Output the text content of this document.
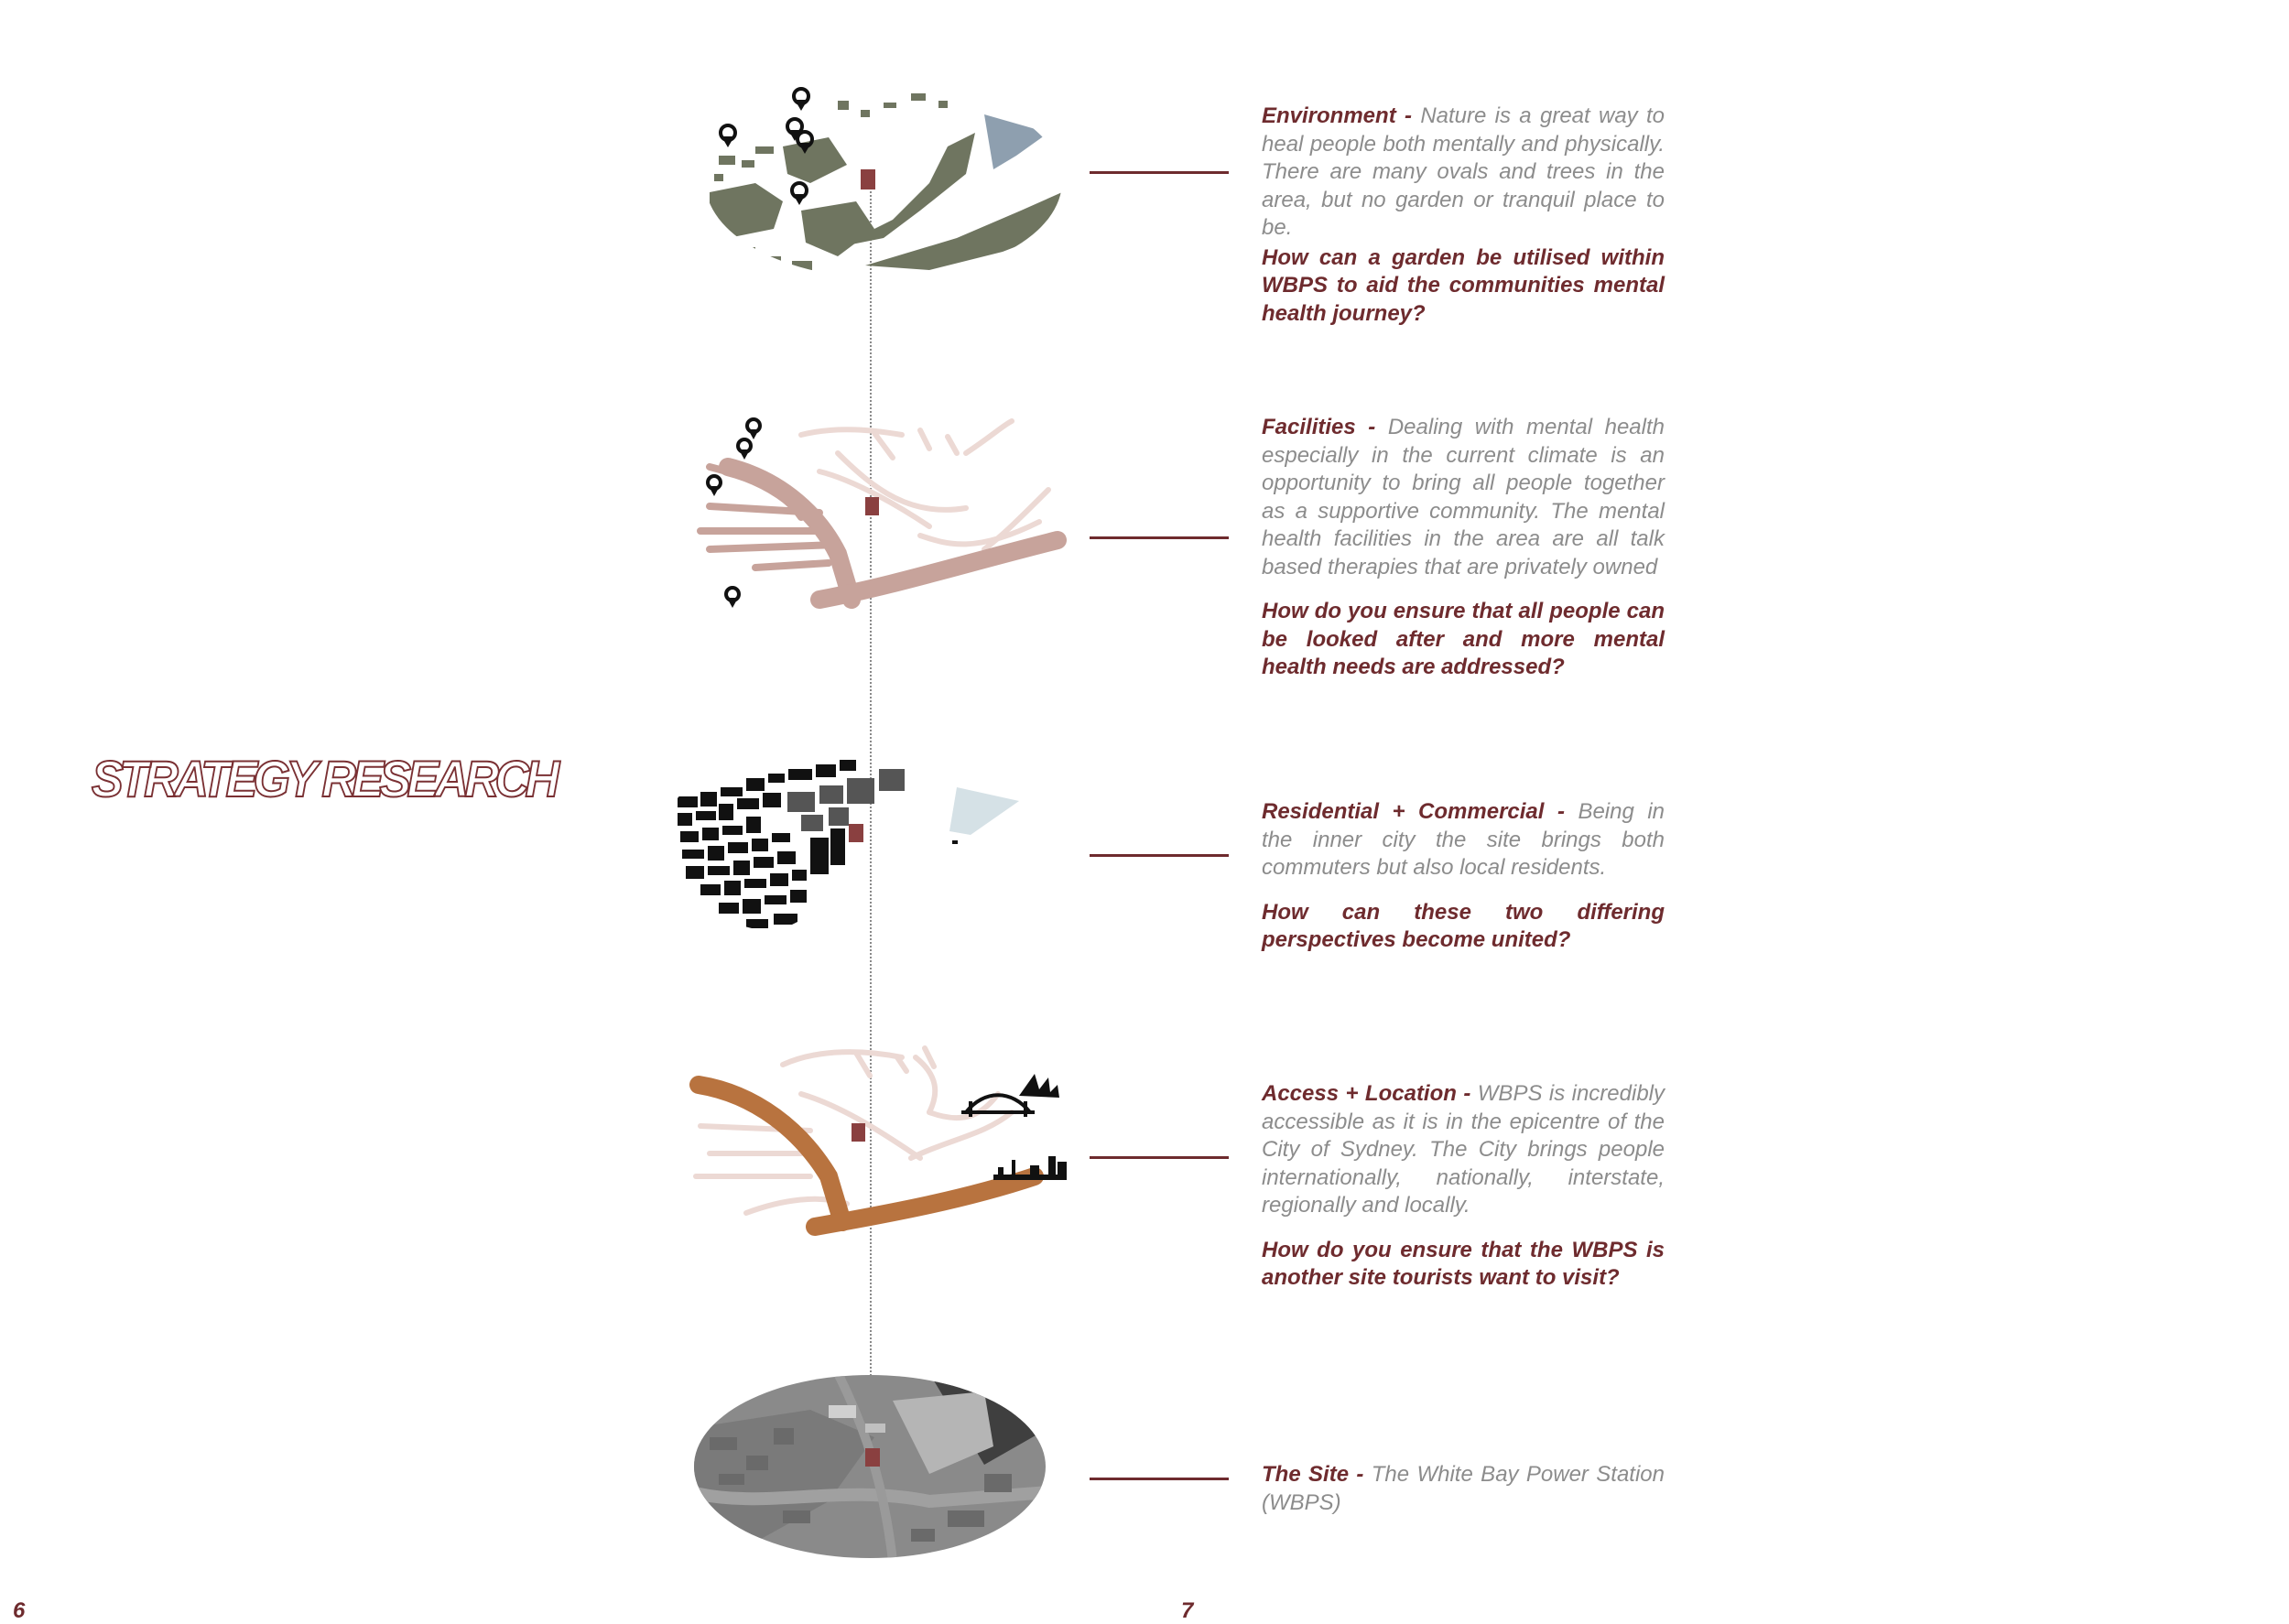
STRATEGY RESEARCH
Environment - Nature is a great way to heal people both mentally and physically. There are many ovals and trees in the area, but no garden or tranquil place to be.
How can a garden be utilised within WBPS to aid the communities mental health journey?
Facilities - Dealing with mental health especially in the current climate is an opportunity to bring all people together as a supportive community. The mental health facilities in the area are all talk based therapies that are privately owned
How do you ensure that all people can be looked after and more mental health needs are addressed?
Residential + Commercial - Being in the inner city the site brings both commuters but also local residents.
How can these two differing perspectives become united?
Access + Location - WBPS is incredibly accessible as it is in the epicentre of the City of Sydney. The City brings people internationally, nationally, interstate, regionally and locally.
How do you ensure that the WBPS is another site tourists want to visit?
The Site - The White Bay Power Station (WBPS)
6	7
